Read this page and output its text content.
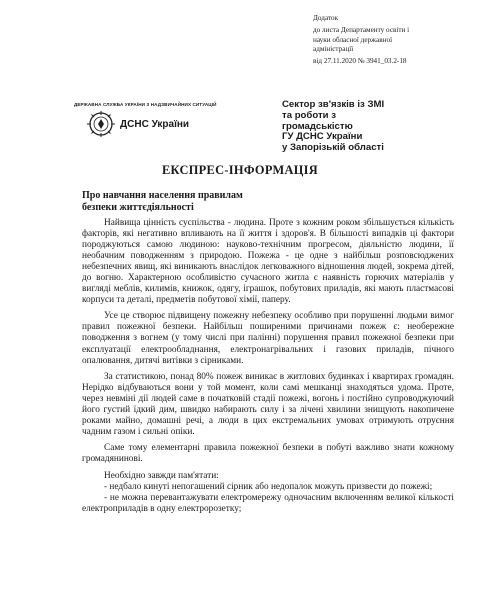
Додаток
до листа Департаменту освіти і
науки обласної державної
адміністрації
від 27.11.2020 № 3941_03.2-18
ДЕРЖАВНА СЛУЖБА УКРАЇНИ З НАДЗВИЧАЙНИХ СИТУАЦІЙ
ДСНС України
Сектор зв'язків із ЗМІ
та роботи з
громадськістю
ГУ ДСНС України
у Запорізькій області
ЕКСПРЕС-ІНФОРМАЦІЯ
Про навчання населення правилам
безпеки життєдіяльності

Найвища цінність суспільства - людина. Проте з кожним роком збільшується кількість факторів, які негативно впливають на її життя і здоров'я. В більшості випадків ці фактори породжуються самою людиною: науково-технічним прогресом, діяльністю людини, її необачним поводженням з природою. Пожежа - це одне з найбільш розповсюджених небезпечних явищ, які виникають внаслідок легковажного відношення людей, зокрема дітей, до вогню. Характерною особливістю сучасного житла є наявність горючих матеріалів у вигляді меблів, килимів, книжок, одягу, іграшок, побутових приладів, які мають пластмасові корпуси та деталі, предметів побутової хімії, паперу.

Усе це створює підвищену пожежну небезпеку особливо при порушенні людьми вимог правил пожежної безпеки. Найбільш поширеними причинами пожеж є: необережне поводження з вогнем (у тому числі при палінні) порушення правил пожежної безпеки при експлуатації електрообладнання, електронагрівальних і газових приладів, пічного опалювання, дитячі витівки з сірниками.

За статистикою, понад 80% пожеж виникає в житлових будинках і квартирах громадян. Нерідко відбуваються вони у той момент, коли самі мешканці знаходяться удома. Проте, через невміні дії людей саме в початковій стадії пожежі, вогонь і постійно супроводжуючий його густий їдкий дим, швидко набирають силу і за лічені хвилини знищують накопичене роками майно, домашні речі, а люди в цих екстремальних умовах отримують отруєння чадним газом і сильні опіки.

Саме тому елементарні правила пожежної безпеки в побуті важливо знати кожному громадянинові.

Необхідно завжди пам'ятати:

- недбало кинуті непогашений сірник або недопалок можуть призвести до пожежі;

- не можна перевантажувати електромережу одночасним включенням великої кількості електроприладів в одну електророзетку;
